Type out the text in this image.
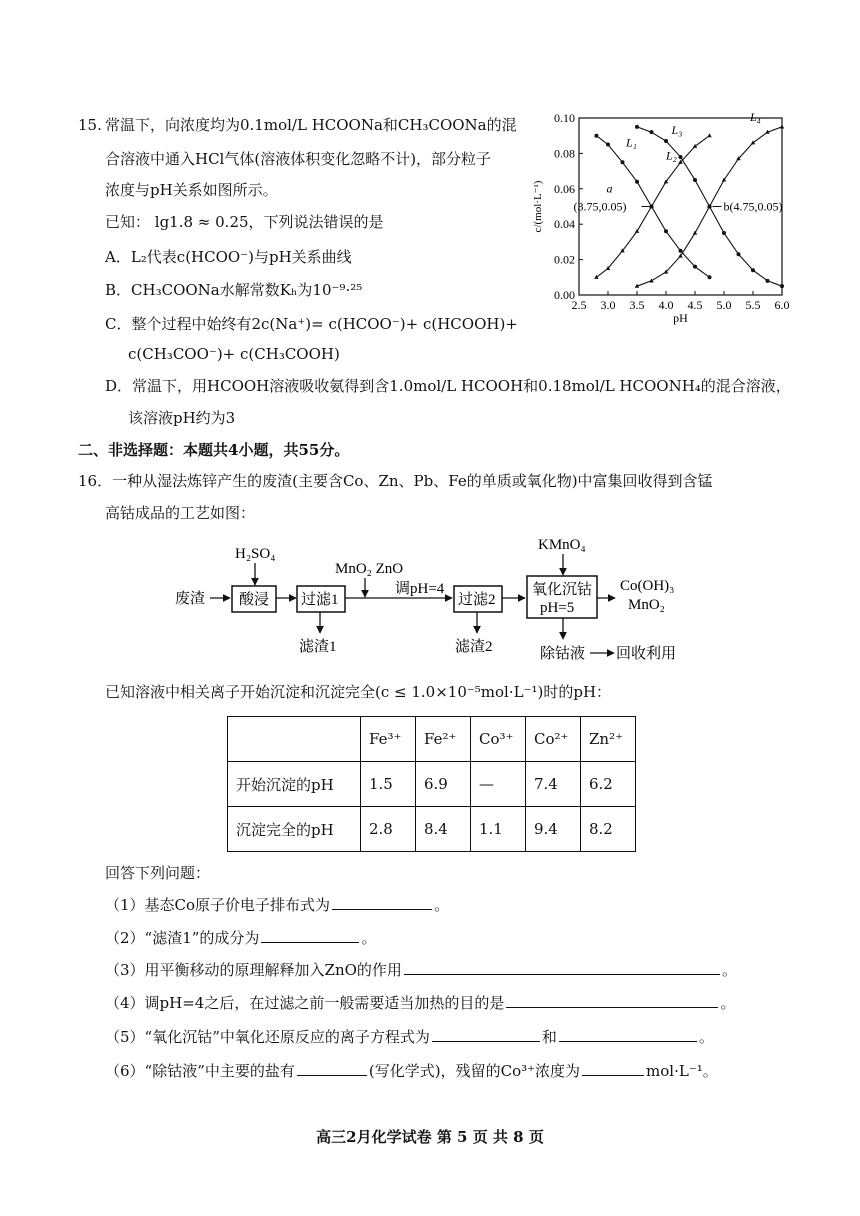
15. 常温下，向浓度均为0.1mol/L HCOONa和CH₃COONa的混
合溶液中通入HCl气体(溶液体积变化忽略不计)，部分粒子
浓度与pH关系如图所示。
已知： lg1.8 ≈ 0.25，下列说法错误的是
A．L₂代表c(HCOO⁻)与pH关系曲线
B．CH₃COONa水解常数Kₕ为10⁻⁹·²⁵
C．整个过程中始终有2c(Na⁺)= c(HCOO⁻)+ c(HCOOH)+
c(CH₃COO⁻)+ c(CH₃COOH)
D．常温下，用HCOOH溶液吸收氨得到含1.0mol/L HCOOH和0.18mol/L HCOONH₄的混合溶液，
该溶液pH约为3
2.5 3.0 3.5 4.0 4.5 5.0 5.5 6.0
0.00
0.02
0.04
0.06
0.08
0.10
pH
c/(mol·L⁻¹)
L₁
L₂
L₃
L₄
a
(3.75,0.05)	b(4.75,0.05)
二、非选择题：本题共4小题，共55分。
16．一种从湿法炼锌产生的废渣(主要含Co、Zn、Pb、Fe的单质或氧化物)中富集回收得到含锰
高钴成品的工艺如图：
废渣
H₂SO₄
酸浸 过滤1
滤渣1
MnO₂ ZnO
调pH=4
过滤2
滤渣2
KMnO₄
氧化沉钴
pH=5
Co(OH)₃
MnO₂
除钴液 回收利用
已知溶液中相关离子开始沉淀和沉淀完全(c ≤ 1.0×10⁻⁵mol·L⁻¹)时的pH：
	Fe³⁺	Fe²⁺	Co³⁺	Co²⁺	Zn²⁺
开始沉淀的pH	1.5	6.9	—	7.4	6.2
沉淀完全的pH	2.8	8.4	1.1	9.4	8.2
回答下列问题：
（1）基态Co原子价电子排布式为	。
（2）“滤渣1”的成分为	。
（3）用平衡移动的原理解释加入ZnO的作用	。
（4）调pH=4之后，在过滤之前一般需要适当加热的目的是	。
（5）“氧化沉钴”中氧化还原反应的离子方程式为	和	。
（6）“除钴液”中主要的盐有	(写化学式)，残留的Co³⁺浓度为	mol·L⁻¹。
高三2月化学试卷 第 5 页 共 8 页
